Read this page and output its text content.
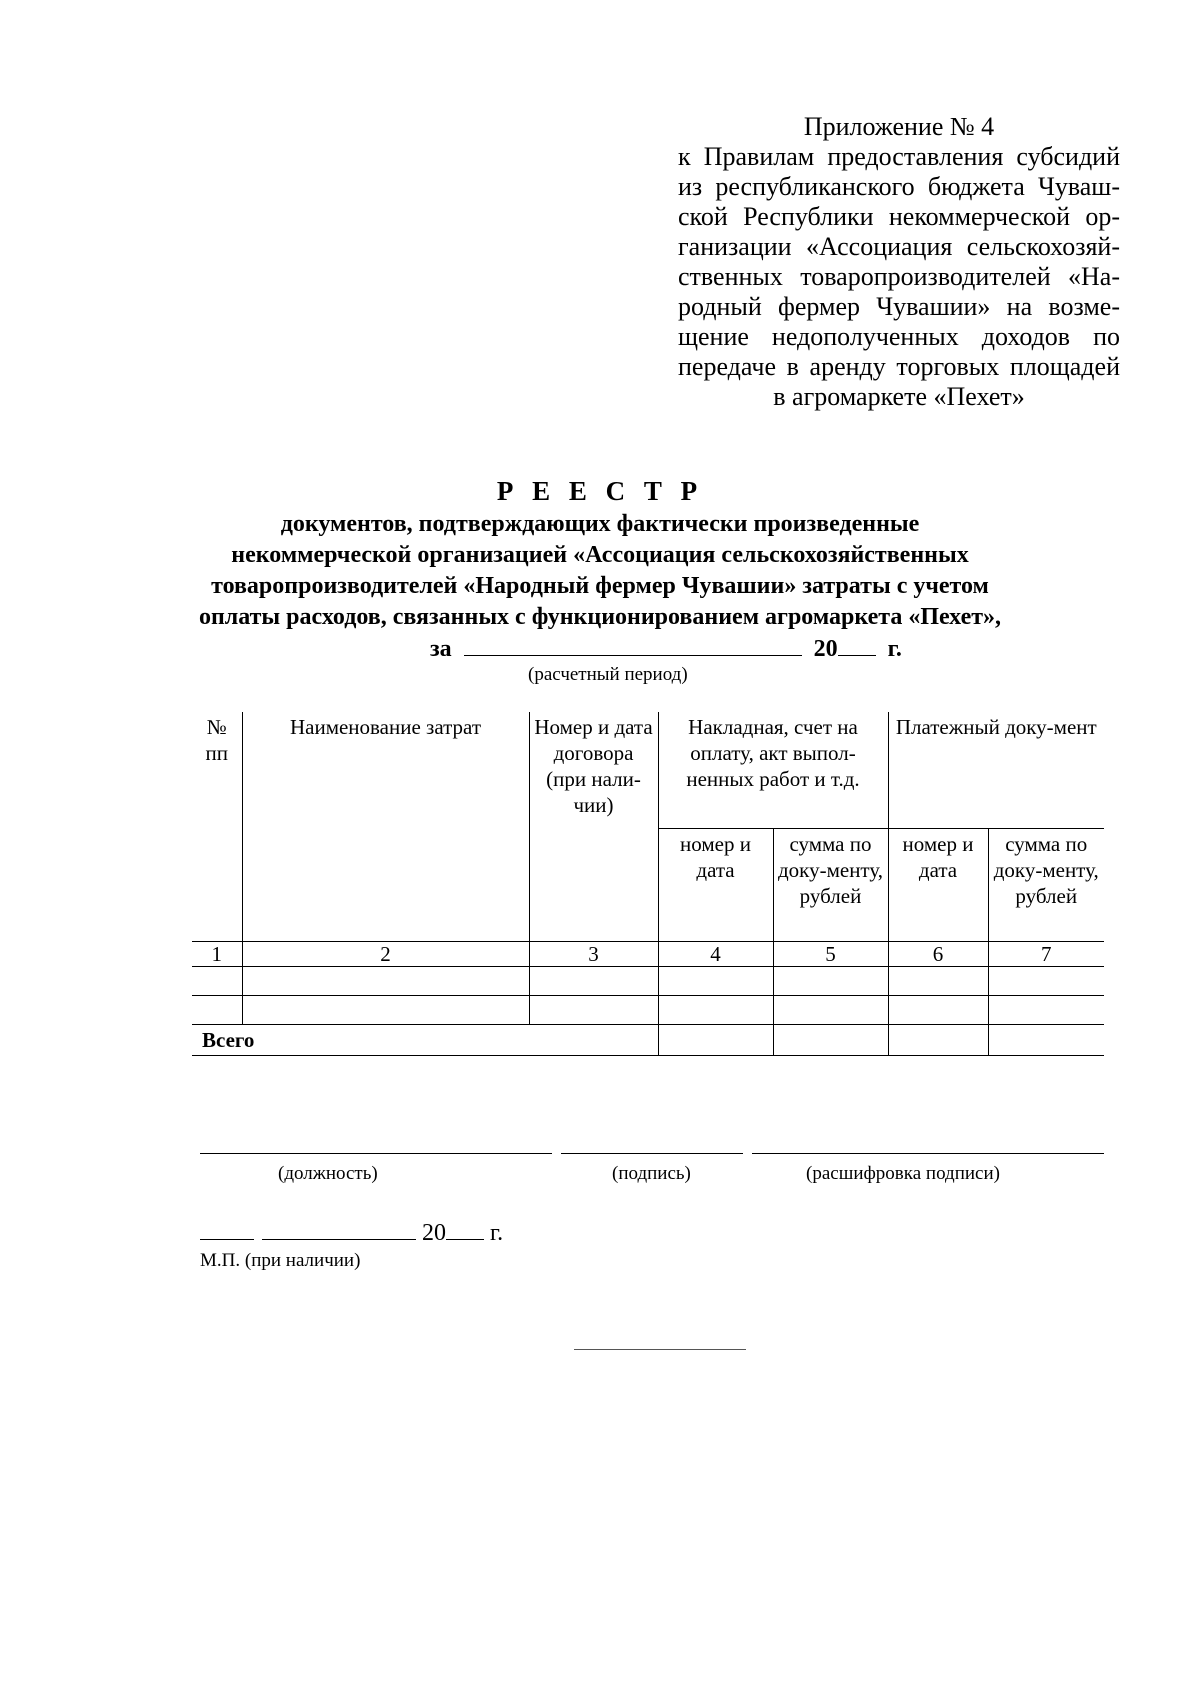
Приложение № 4
к Правилам предоставления субсидий
из республиканского бюджета Чуваш-
ской Республики некоммерческой ор-
ганизации «Ассоциация сельскохозяй-
ственных товаропроизводителей «На-
родный фермер Чувашии» на возме-
щение недополученных доходов по
передаче в аренду торговых площадей
в агромаркете «Пехет»
Р Е Е С Т Р
документов, подтверждающих фактически произведенные
некоммерческой организацией «Ассоциация сельскохозяйственных
товаропроизводителей «Народный фермер Чувашии» затраты с учетом
оплаты расходов, связанных с функционированием агромаркета «Пехет»,
за	20 г.
(расчетный период)
№ пп	Наименование затрат	Номер и дата договора (при нали-чии)	Накладная, счет на оплату, акт выпол-ненных работ и т.д.		Платежный доку-мент	
			номер и дата	сумма по доку-менту, рублей	номер и дата	сумма по доку-менту, рублей
1	2	3	4	5	6	7

Всего						
(должность)	(подпись)	(расшифровка подписи)
20 г.
М.П. (при наличии)
